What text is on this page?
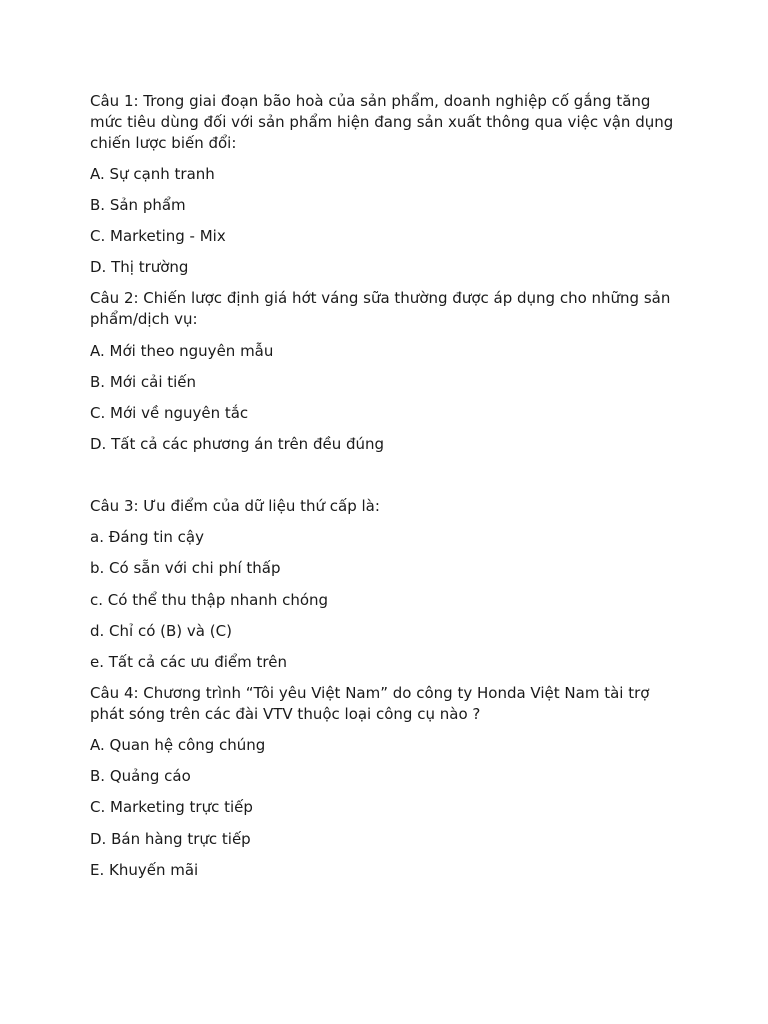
Câu 1: Trong giai đoạn bão hoà của sản phẩm, doanh nghiệp cố gắng tăng
mức tiêu dùng đối với sản phẩm hiện đang sản xuất thông qua việc vận dụng
chiến lược biến đổi:
A. Sự cạnh tranh
B. Sản phẩm
C. Marketing - Mix
D. Thị trường
Câu 2: Chiến lược định giá hớt váng sữa thường được áp dụng cho những sản
phẩm/dịch vụ:
A. Mới theo nguyên mẫu
B. Mới cải tiến
C. Mới về nguyên tắc
D. Tất cả các phương án trên đều đúng
Câu 3: Ưu điểm của dữ liệu thứ cấp là:
a. Đáng tin cậy
b. Có sẵn với chi phí thấp
c. Có thể thu thập nhanh chóng
d. Chỉ có (B) và (C)
e. Tất cả các ưu điểm trên
Câu 4: Chương trình “Tôi yêu Việt Nam” do công ty Honda Việt Nam tài trợ
phát sóng trên các đài VTV thuộc loại công cụ nào ?
A. Quan hệ công chúng
B. Quảng cáo
C. Marketing trực tiếp
D. Bán hàng trực tiếp
E. Khuyến mãi
